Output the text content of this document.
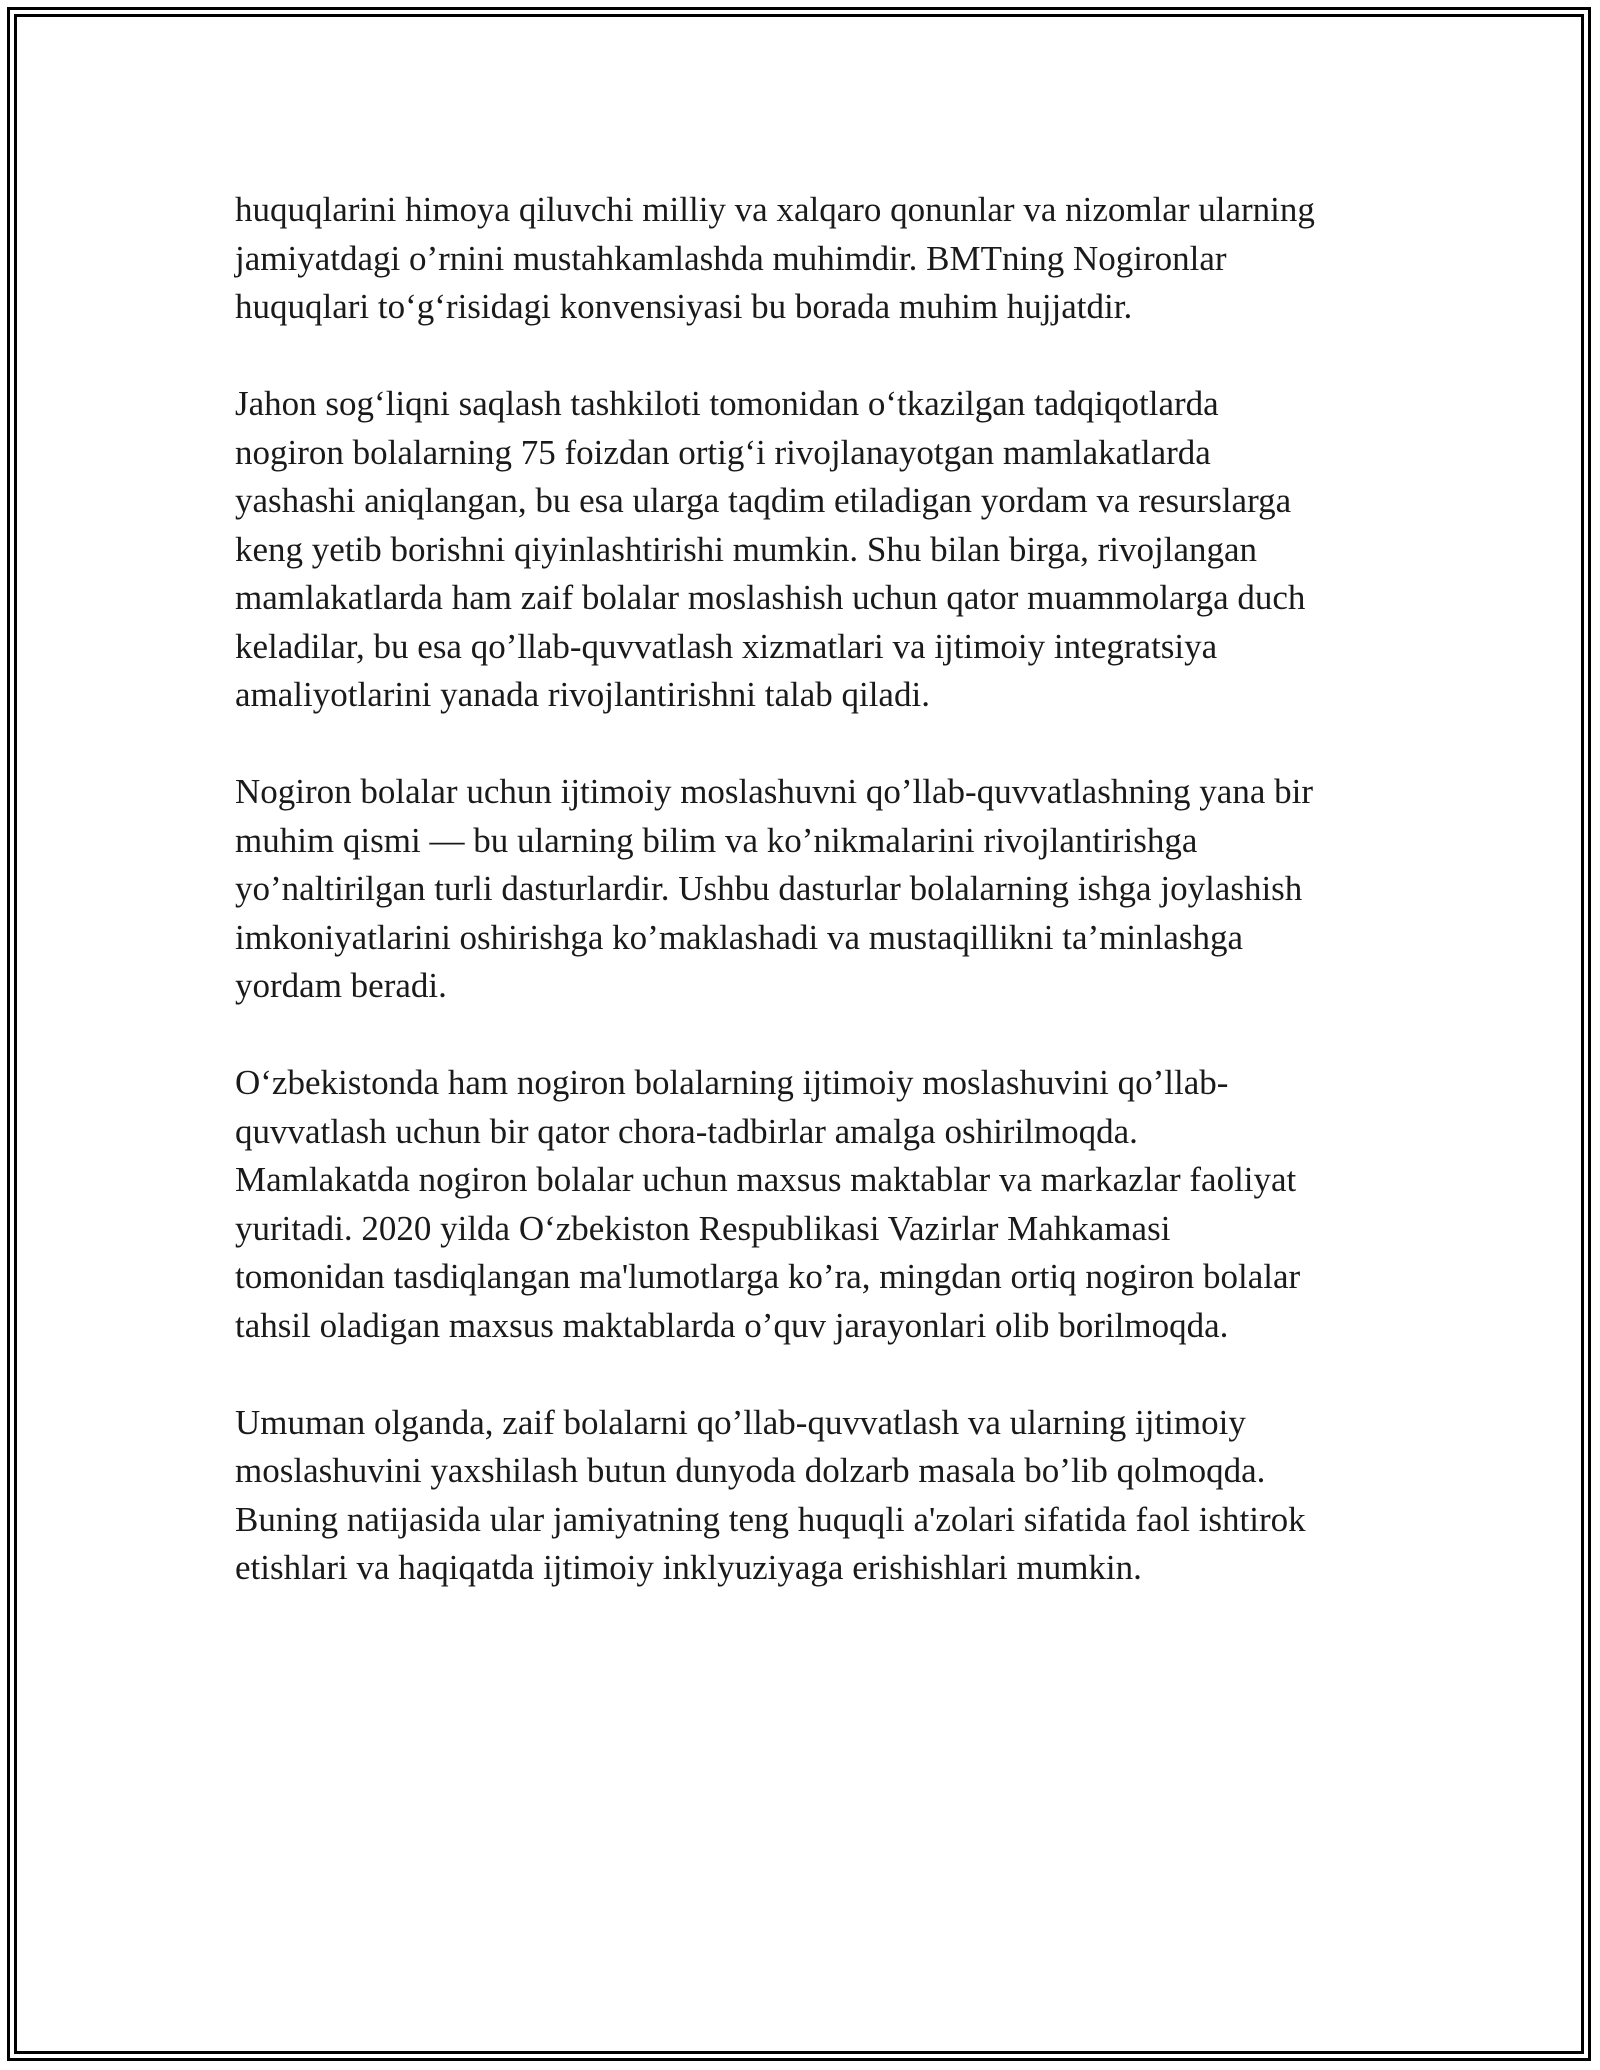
huquqlarini himoya qiluvchi milliy va xalqaro qonunlar va nizomlar ularning
jamiyatdagi o’rnini mustahkamlashda muhimdir. BMTning Nogironlar
huquqlari to‘g‘risidagi konvensiyasi bu borada muhim hujjatdir.

Jahon sog‘liqni saqlash tashkiloti tomonidan o‘tkazilgan tadqiqotlarda
nogiron bolalarning 75 foizdan ortig‘i rivojlanayotgan mamlakatlarda
yashashi aniqlangan, bu esa ularga taqdim etiladigan yordam va resurslarga
keng yetib borishni qiyinlashtirishi mumkin. Shu bilan birga, rivojlangan
mamlakatlarda ham zaif bolalar moslashish uchun qator muammolarga duch
keladilar, bu esa qo’llab-quvvatlash xizmatlari va ijtimoiy integratsiya
amaliyotlarini yanada rivojlantirishni talab qiladi.

Nogiron bolalar uchun ijtimoiy moslashuvni qo’llab-quvvatlashning yana bir
muhim qismi — bu ularning bilim va ko’nikmalarini rivojlantirishga
yo’naltirilgan turli dasturlardir. Ushbu dasturlar bolalarning ishga joylashish
imkoniyatlarini oshirishga ko’maklashadi va mustaqillikni ta’minlashga
yordam beradi.

O‘zbekistonda ham nogiron bolalarning ijtimoiy moslashuvini qo’llab-
quvvatlash uchun bir qator chora-tadbirlar amalga oshirilmoqda.
Mamlakatda nogiron bolalar uchun maxsus maktablar va markazlar faoliyat
yuritadi. 2020 yilda O‘zbekiston Respublikasi Vazirlar Mahkamasi
tomonidan tasdiqlangan ma'lumotlarga ko’ra, mingdan ortiq nogiron bolalar
tahsil oladigan maxsus maktablarda o’quv jarayonlari olib borilmoqda.

Umuman olganda, zaif bolalarni qo’llab-quvvatlash va ularning ijtimoiy
moslashuvini yaxshilash butun dunyoda dolzarb masala bo’lib qolmoqda.
Buning natijasida ular jamiyatning teng huquqli a'zolari sifatida faol ishtirok
etishlari va haqiqatda ijtimoiy inklyuziyaga erishishlari mumkin.
